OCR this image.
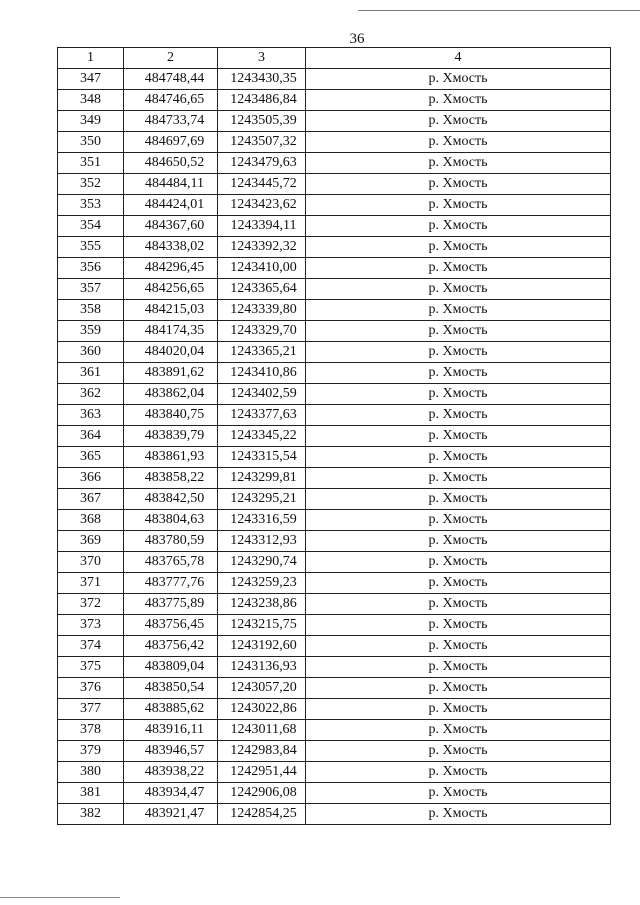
36
1	2	3	4
347	484748,44	1243430,35	р. Хмость
348	484746,65	1243486,84	р. Хмость
349	484733,74	1243505,39	р. Хмость
350	484697,69	1243507,32	р. Хмость
351	484650,52	1243479,63	р. Хмость
352	484484,11	1243445,72	р. Хмость
353	484424,01	1243423,62	р. Хмость
354	484367,60	1243394,11	р. Хмость
355	484338,02	1243392,32	р. Хмость
356	484296,45	1243410,00	р. Хмость
357	484256,65	1243365,64	р. Хмость
358	484215,03	1243339,80	р. Хмость
359	484174,35	1243329,70	р. Хмость
360	484020,04	1243365,21	р. Хмость
361	483891,62	1243410,86	р. Хмость
362	483862,04	1243402,59	р. Хмость
363	483840,75	1243377,63	р. Хмость
364	483839,79	1243345,22	р. Хмость
365	483861,93	1243315,54	р. Хмость
366	483858,22	1243299,81	р. Хмость
367	483842,50	1243295,21	р. Хмость
368	483804,63	1243316,59	р. Хмость
369	483780,59	1243312,93	р. Хмость
370	483765,78	1243290,74	р. Хмость
371	483777,76	1243259,23	р. Хмость
372	483775,89	1243238,86	р. Хмость
373	483756,45	1243215,75	р. Хмость
374	483756,42	1243192,60	р. Хмость
375	483809,04	1243136,93	р. Хмость
376	483850,54	1243057,20	р. Хмость
377	483885,62	1243022,86	р. Хмость
378	483916,11	1243011,68	р. Хмость
379	483946,57	1242983,84	р. Хмость
380	483938,22	1242951,44	р. Хмость
381	483934,47	1242906,08	р. Хмость
382	483921,47	1242854,25	р. Хмость
